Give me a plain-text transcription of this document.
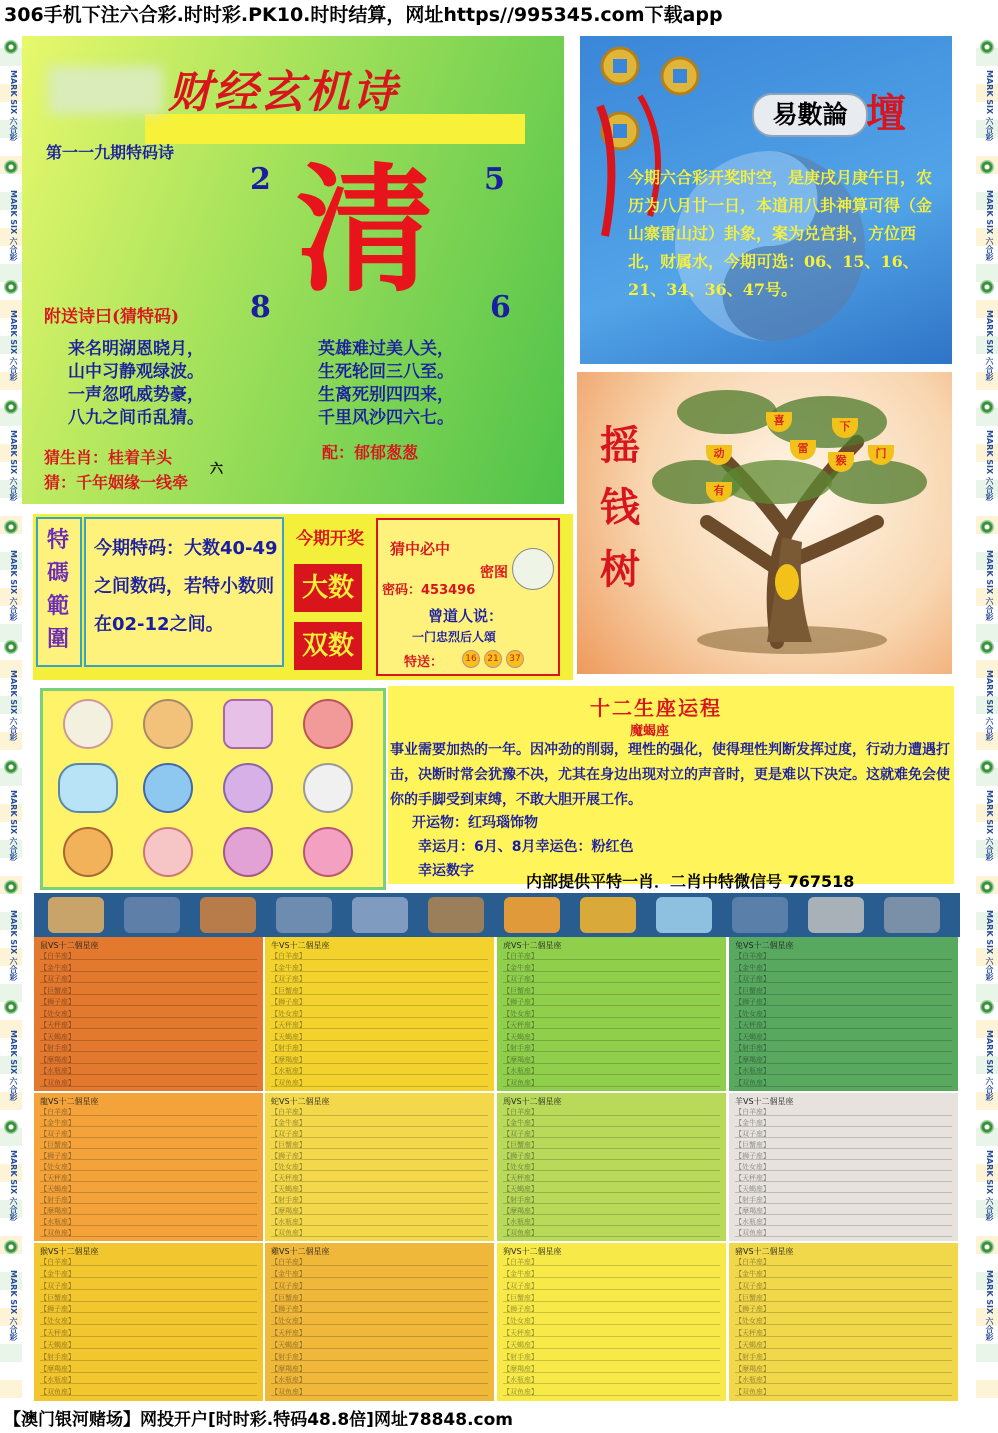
306手机下注六合彩.时时彩.PK10.时时结算，网址https//995345.com下载app
【澳门银河赌场】网投开户[时时彩.特码48.8倍]网址78848.com
MARK SIX 六合彩
MARK SIX 六合彩
MARK SIX 六合彩
MARK SIX 六合彩
MARK SIX 六合彩
MARK SIX 六合彩
MARK SIX 六合彩
MARK SIX 六合彩
MARK SIX 六合彩
MARK SIX 六合彩
MARK SIX 六合彩
MARK SIX 六合彩
MARK SIX 六合彩
MARK SIX 六合彩
MARK SIX 六合彩
MARK SIX 六合彩
MARK SIX 六合彩
MARK SIX 六合彩
MARK SIX 六合彩
MARK SIX 六合彩
MARK SIX 六合彩
MARK SIX 六合彩
财经玄机诗
第一一九期特码诗
2	5
8	6
清
附送诗曰(猜特码)
来名明湖恩晓月，
山中习静观绿波。
一声忽吼威势豪，
八九之间币乱猜。
英雄难过美人关，
生死轮回三八至。
生离死别四四来，
千里风沙四六七。
猜生肖：桂着羊头
猜：千年姻缘一线牵
六
配：郁郁葱葱
易數論 壇
今期六合彩开奖时空，是庚戌月庚午日，农历为八月廿一日，本道用八卦神算可得（金山寨雷山过）卦象，案为兑宫卦，方位西北，财属水，今期可选：06、15、16、21、34、36、47号。
摇钱树
喜	下
动	雷
猴
门
有
特碼範圍
今期特码：大数40-49
之间数码，若特小数则
在02-12之间。
今期开奖
大数
双数
猜中必中
密图
密码：453496
曾道人说：
一门忠烈后人頌
特送：	16	21	37
十二生座运程
魔蝎座
事业需要加热的一年。因冲劲的削弱，理性的强化，使得理性判断发挥过度，行动力遭遇打击，决断时常会犹豫不决，尤其在身边出现对立的声音时，更是难以下决定。这就难免会使你的手脚受到束缚，不敢大胆开展工作。
开运物：红玛瑙饰物
幸运月：6月、8月幸运色：粉红色
幸运数字
内部提供平特一肖．二肖中特微信号 767518
鼠VS十二個星座
【白羊座】
【金牛座】
【双子座】
【巨蟹座】
【狮子座】
【处女座】
【天秤座】
【天蝎座】
【射手座】
【摩羯座】
【水瓶座】
【双鱼座】
牛VS十二個星座
【白羊座】
【金牛座】
【双子座】
【巨蟹座】
【狮子座】
【处女座】
【天秤座】
【天蝎座】
【射手座】
【摩羯座】
【水瓶座】
【双鱼座】
虎VS十二個星座
【白羊座】
【金牛座】
【双子座】
【巨蟹座】
【狮子座】
【处女座】
【天秤座】
【天蝎座】
【射手座】
【摩羯座】
【水瓶座】
【双鱼座】
兔VS十二個星座
【白羊座】
【金牛座】
【双子座】
【巨蟹座】
【狮子座】
【处女座】
【天秤座】
【天蝎座】
【射手座】
【摩羯座】
【水瓶座】
【双鱼座】
龍VS十二個星座
【白羊座】
【金牛座】
【双子座】
【巨蟹座】
【狮子座】
【处女座】
【天秤座】
【天蝎座】
【射手座】
【摩羯座】
【水瓶座】
【双鱼座】
蛇VS十二個星座
【白羊座】
【金牛座】
【双子座】
【巨蟹座】
【狮子座】
【处女座】
【天秤座】
【天蝎座】
【射手座】
【摩羯座】
【水瓶座】
【双鱼座】
馬VS十二個星座
【白羊座】
【金牛座】
【双子座】
【巨蟹座】
【狮子座】
【处女座】
【天秤座】
【天蝎座】
【射手座】
【摩羯座】
【水瓶座】
【双鱼座】
羊VS十二個星座
【白羊座】
【金牛座】
【双子座】
【巨蟹座】
【狮子座】
【处女座】
【天秤座】
【天蝎座】
【射手座】
【摩羯座】
【水瓶座】
【双鱼座】
猴VS十二個星座
【白羊座】
【金牛座】
【双子座】
【巨蟹座】
【狮子座】
【处女座】
【天秤座】
【天蝎座】
【射手座】
【摩羯座】
【水瓶座】
【双鱼座】
雞VS十二個星座
【白羊座】
【金牛座】
【双子座】
【巨蟹座】
【狮子座】
【处女座】
【天秤座】
【天蝎座】
【射手座】
【摩羯座】
【水瓶座】
【双鱼座】
狗VS十二個星座
【白羊座】
【金牛座】
【双子座】
【巨蟹座】
【狮子座】
【处女座】
【天秤座】
【天蝎座】
【射手座】
【摩羯座】
【水瓶座】
【双鱼座】
豬VS十二個星座
【白羊座】
【金牛座】
【双子座】
【巨蟹座】
【狮子座】
【处女座】
【天秤座】
【天蝎座】
【射手座】
【摩羯座】
【水瓶座】
【双鱼座】
